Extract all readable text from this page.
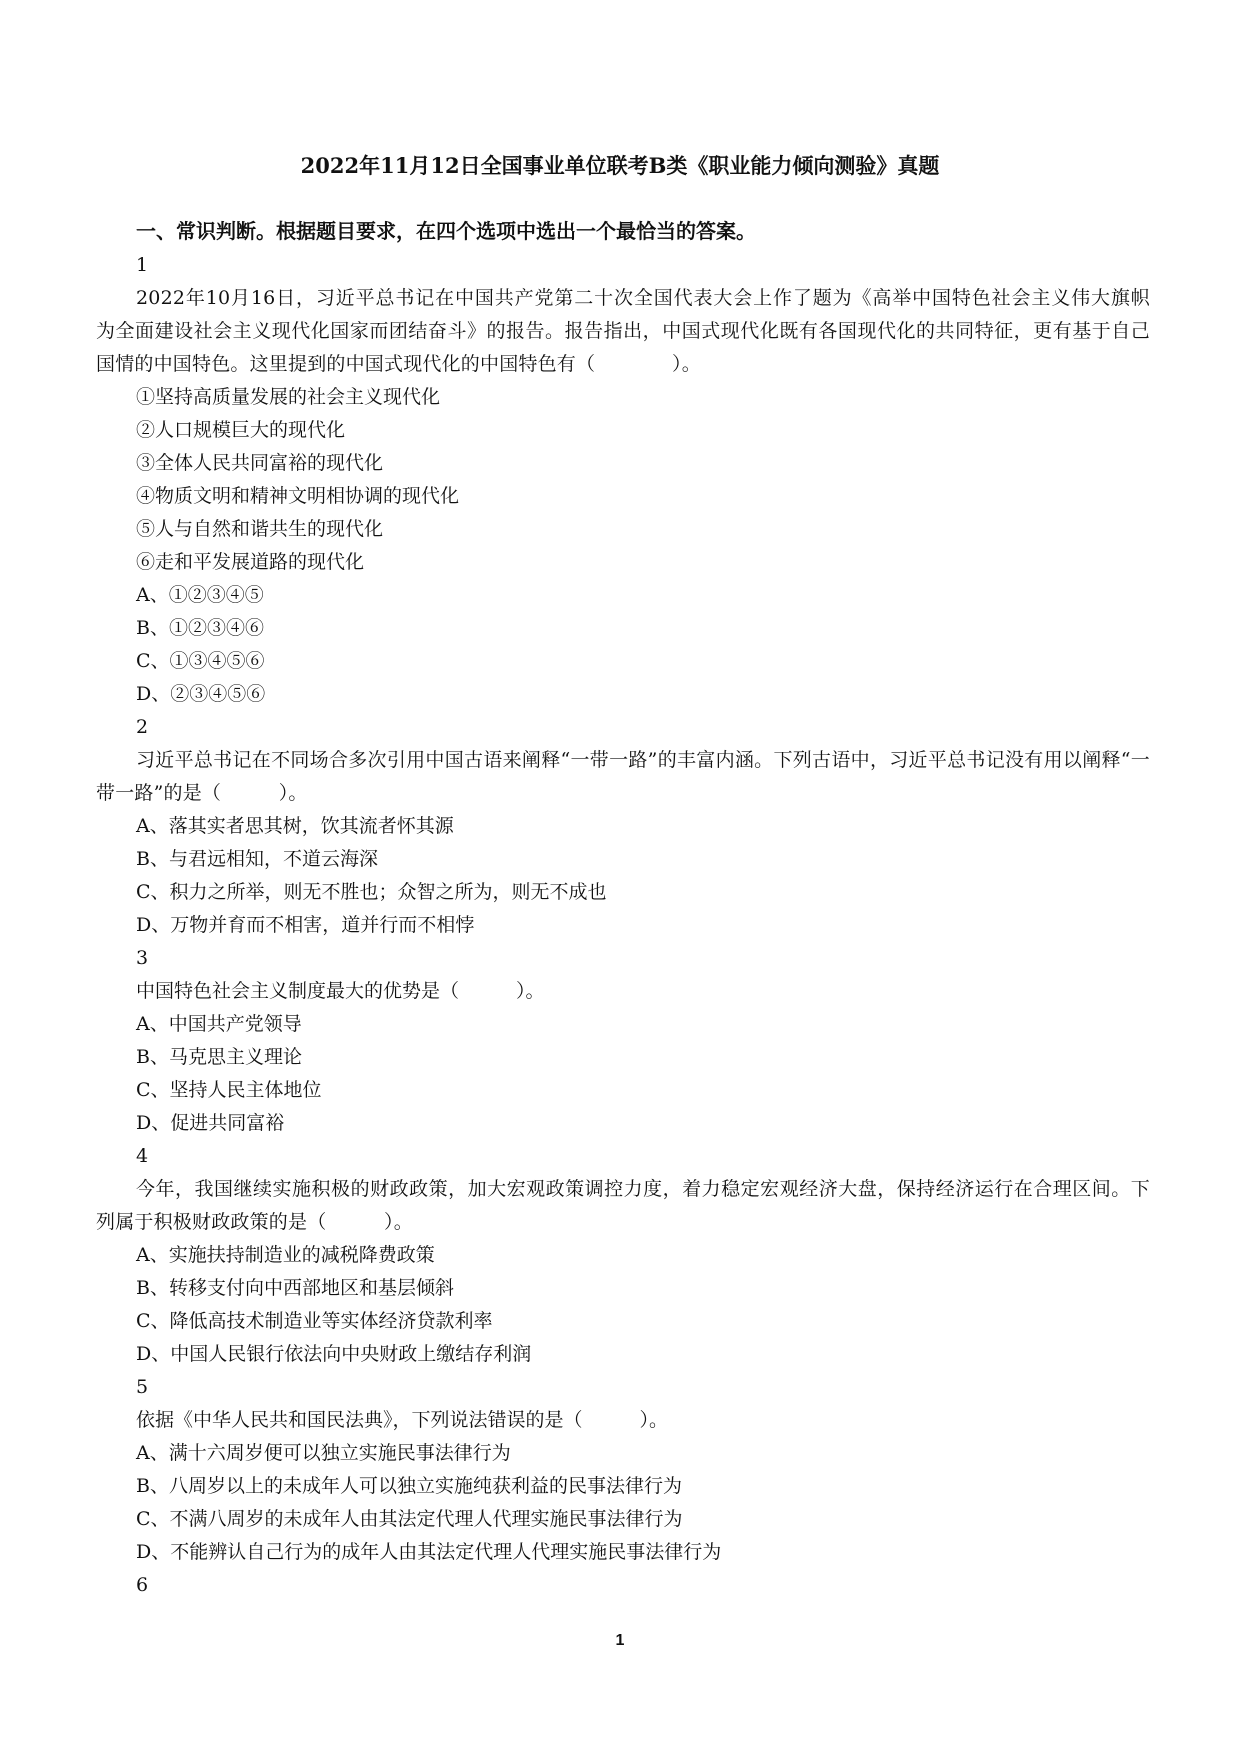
2022年11月12日全国事业单位联考B类《职业能力倾向测验》真题
一、常识判断。根据题目要求，在四个选项中选出一个最恰当的答案。
1
2022年10月16日，习近平总书记在中国共产党第二十次全国代表大会上作了题为《高举中国特色社会主义伟大旗帜　为全面建设社会主义现代化国家而团结奋斗》的报告。报告指出，中国式现代化既有各国现代化的共同特征，更有基于自己国情的中国特色。这里提到的中国式现代化的中国特色有（　　　　）。
①坚持高质量发展的社会主义现代化
②人口规模巨大的现代化
③全体人民共同富裕的现代化
④物质文明和精神文明相协调的现代化
⑤人与自然和谐共生的现代化
⑥走和平发展道路的现代化
A、①②③④⑤
B、①②③④⑥
C、①③④⑤⑥
D、②③④⑤⑥
2
习近平总书记在不同场合多次引用中国古语来阐释“一带一路”的丰富内涵。下列古语中，习近平总书记没有用以阐释“一带一路”的是（　　　）。
A、落其实者思其树，饮其流者怀其源
B、与君远相知，不道云海深
C、积力之所举，则无不胜也；众智之所为，则无不成也
D、万物并育而不相害，道并行而不相悖
3
中国特色社会主义制度最大的优势是（　　　）。
A、中国共产党领导
B、马克思主义理论
C、坚持人民主体地位
D、促进共同富裕
4
今年，我国继续实施积极的财政政策，加大宏观政策调控力度，着力稳定宏观经济大盘，保持经济运行在合理区间。下列属于积极财政政策的是（　　　）。
A、实施扶持制造业的减税降费政策
B、转移支付向中西部地区和基层倾斜
C、降低高技术制造业等实体经济贷款利率
D、中国人民银行依法向中央财政上缴结存利润
5
依据《中华人民共和国民法典》，下列说法错误的是（　　　）。
A、满十六周岁便可以独立实施民事法律行为
B、八周岁以上的未成年人可以独立实施纯获利益的民事法律行为
C、不满八周岁的未成年人由其法定代理人代理实施民事法律行为
D、不能辨认自己行为的成年人由其法定代理人代理实施民事法律行为
6
1
